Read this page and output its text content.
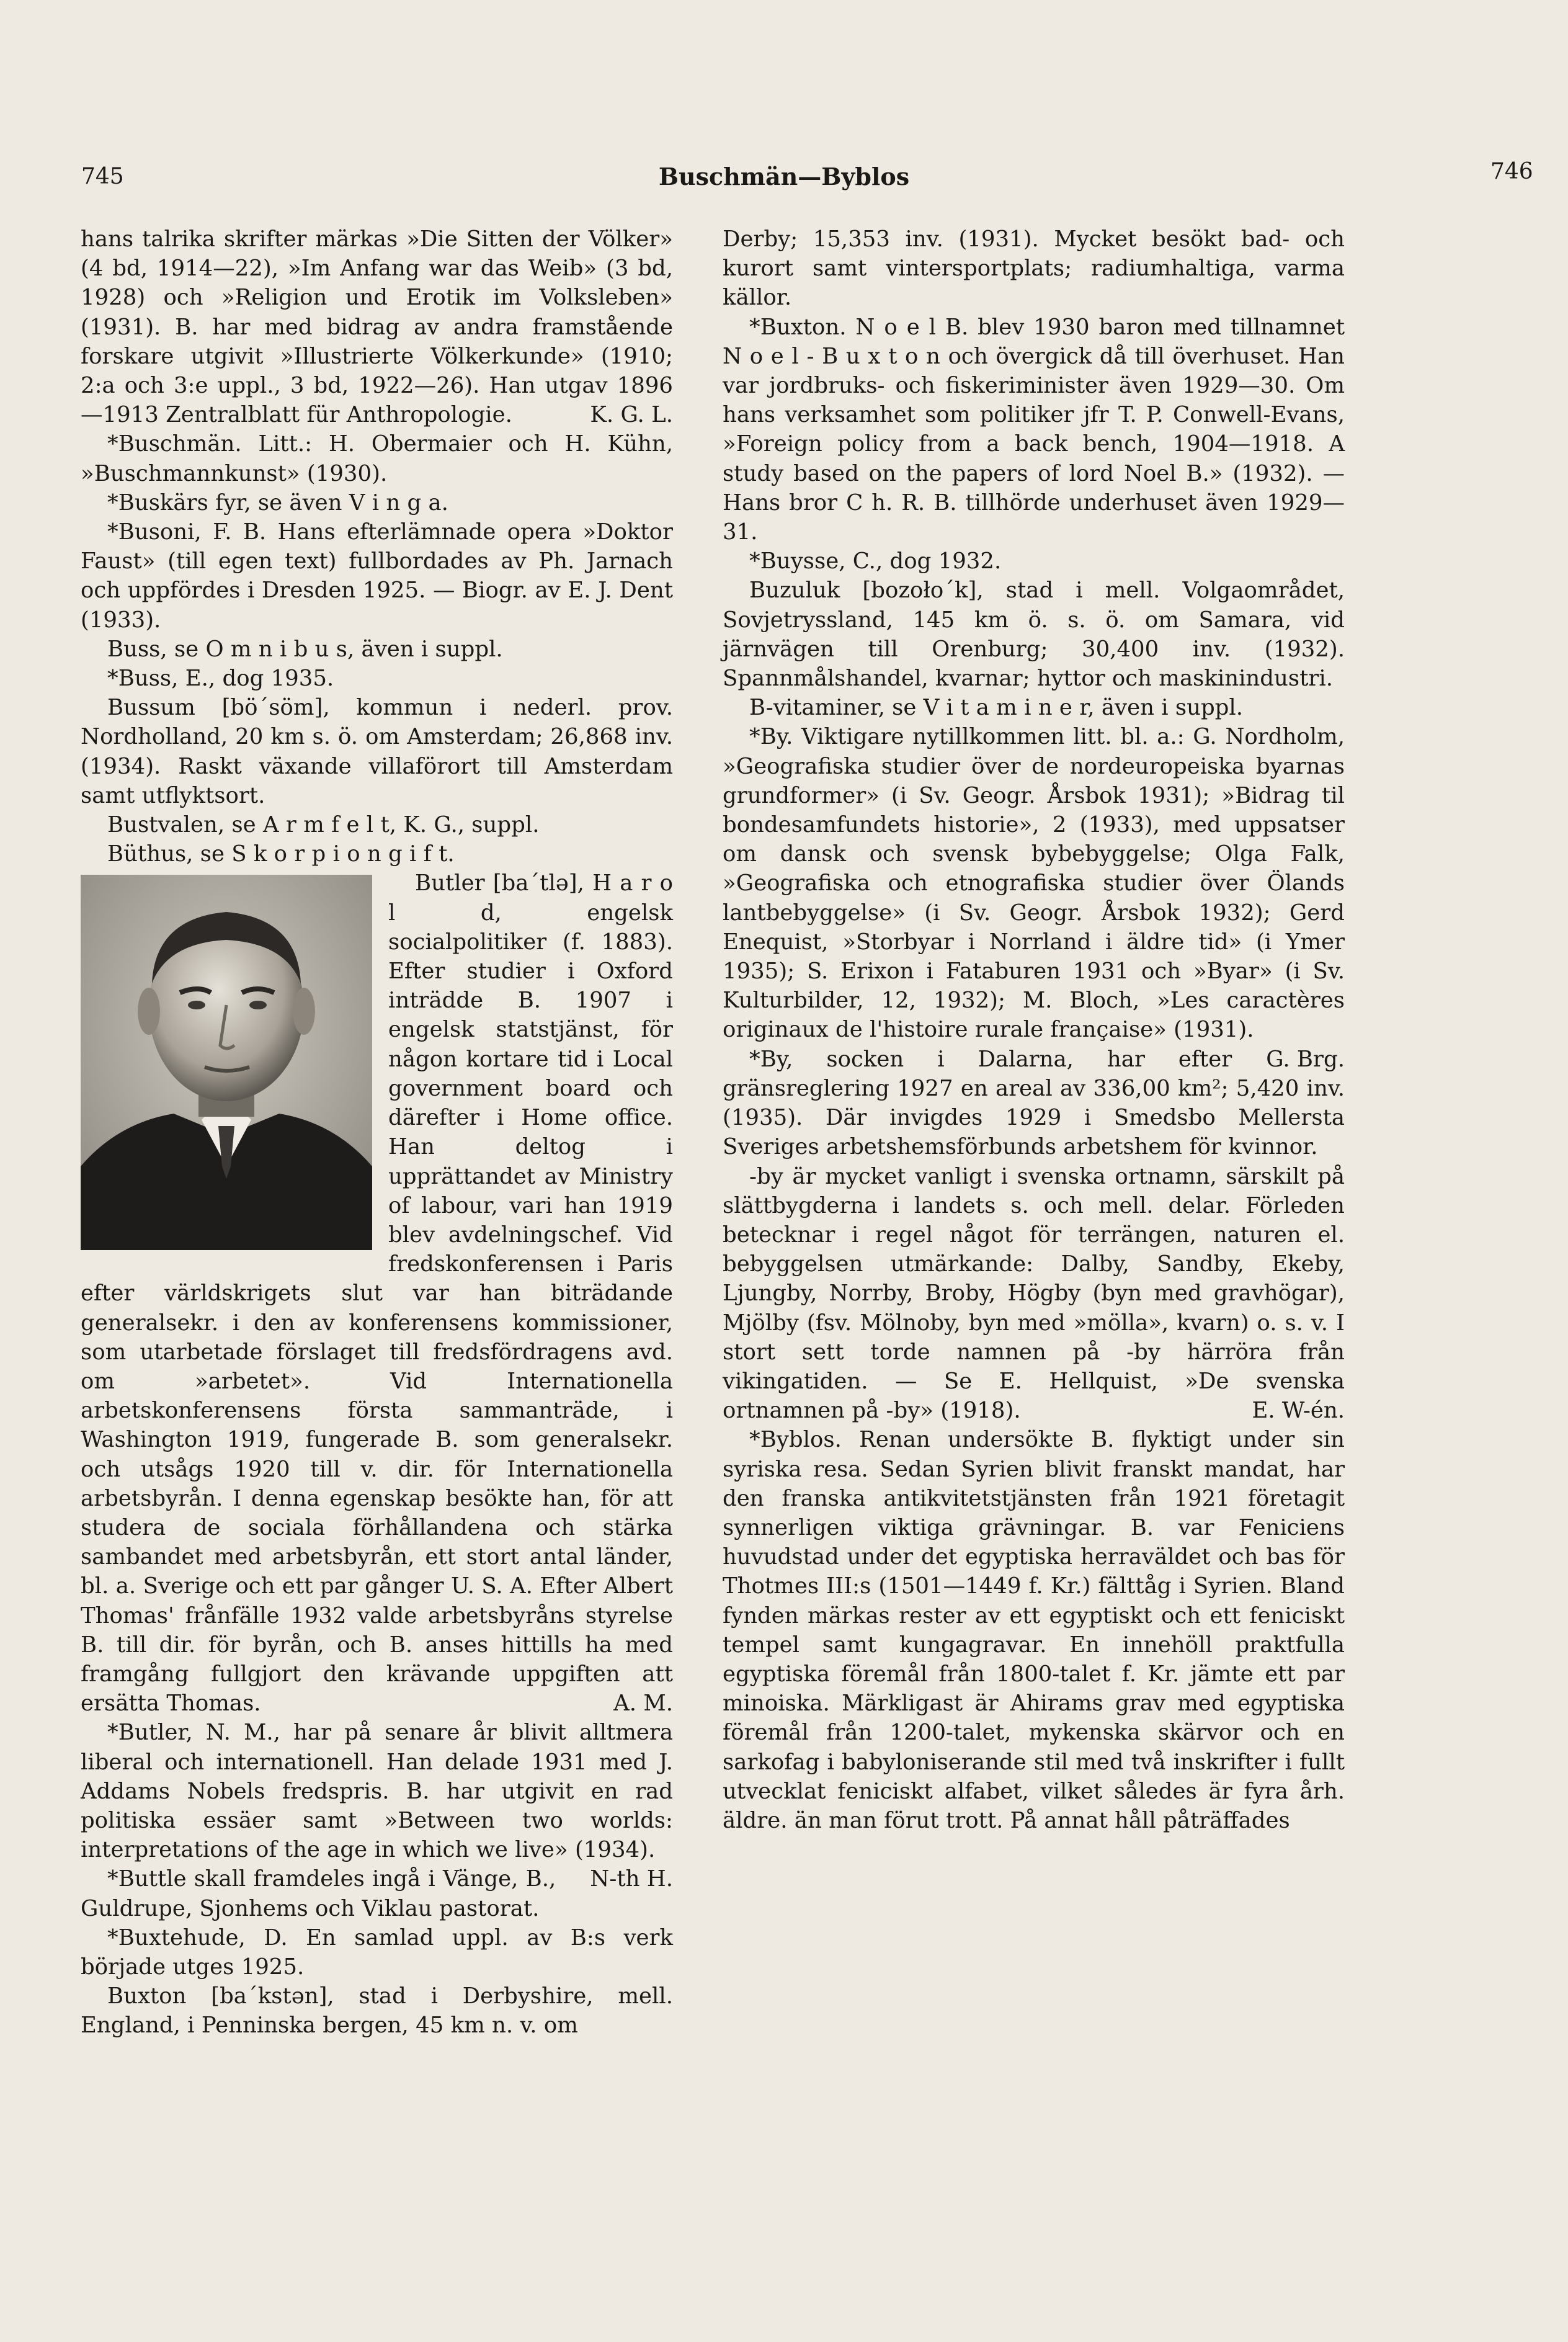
745	Buschmän—Byblos	746

hans talrika skrifter märkas »Die Sitten der Völker» (4 bd, 1914—22), »Im Anfang war das Weib» (3 bd, 1928) och »Religion und Erotik im Volksleben» (1931). B. har med bidrag av andra framstående forskare utgivit »Illustrierte Völkerkunde» (1910; 2:a och 3:e uppl., 3 bd, 1922—26). Han utgav 1896—1913 Zentralblatt für Anthropologie.	K. G. L.

*Buschmän. Litt.: H. Obermaier och H. Kühn, »Buschmannkunst» (1930).

*Buskärs fyr, se även V i n g a.

*Busoni, F. B. Hans efterlämnade opera »Doktor Faust» (till egen text) fullbordades av Ph. Jarnach och uppfördes i Dresden 1925. — Biogr. av E. J. Dent (1933).

Buss, se O m n i b u s, även i suppl.

*Buss, E., dog 1935.

Bussum [bö´söm], kommun i nederl. prov. Nordholland, 20 km s. ö. om Amsterdam; 26,868 inv. (1934). Raskt växande villaförort till Amsterdam samt utflyktsort.

Bustvalen, se A r m f e l t, K. G., suppl.

Büthus, se S k o r p i o n g i f t.

Butler [ba´tlə], H a r o l d, engelsk socialpolitiker (f. 1883). Efter studier i Oxford inträdde B. 1907 i engelsk statstjänst, för någon kortare tid i Local government board och därefter i Home office. Han deltog i upprättandet av Ministry of labour, vari han 1919 blev avdelningschef. Vid fredskonferensen i Paris efter världskrigets slut var han biträdande generalsekr. i den av konferensens kommissioner, som utarbetade förslaget till fredsfördragens avd. om »arbetet». Vid Internationella arbetskonferensens första sammanträde, i Washington 1919, fungerade B. som generalsekr. och utsågs 1920 till v. dir. för Internationella arbetsbyrån. I denna egenskap besökte han, för att studera de sociala förhållandena och stärka sambandet med arbetsbyrån, ett stort antal länder, bl. a. Sverige och ett par gånger U. S. A. Efter Albert Thomas' frånfälle 1932 valde arbetsbyråns styrelse B. till dir. för byrån, och B. anses hittills ha med framgång fullgjort den krävande uppgiften att ersätta Thomas.	A. M.

*Butler, N. M., har på senare år blivit alltmera liberal och internationell. Han delade 1931 med J. Addams Nobels fredspris. B. har utgivit en rad politiska essäer samt »Between two worlds: interpretations of the age in which we live» (1934).
N-th H.

*Buttle skall framdeles ingå i Vänge, B., Guldrupe, Sjonhems och Viklau pastorat.

*Buxtehude, D. En samlad uppl. av B:s verk började utges 1925.

Buxton [ba´kstən], stad i Derbyshire, mell. England, i Penninska bergen, 45 km n. v. om

Derby; 15,353 inv. (1931). Mycket besökt bad- och kurort samt vintersportplats; radiumhaltiga, varma källor.

*Buxton. N o e l B. blev 1930 baron med tillnamnet N o e l - B u x t o n och övergick då till överhuset. Han var jordbruks- och fiskeriminister även 1929—30. Om hans verksamhet som politiker jfr T. P. Conwell-Evans, »Foreign policy from a back bench, 1904—1918. A study based on the papers of lord Noel B.» (1932). — Hans bror C h. R. B. tillhörde underhuset även 1929—31.

*Buysse, C., dog 1932.

Buzuluk [bozoło´k], stad i mell. Volgaområdet, Sovjetryssland, 145 km ö. s. ö. om Samara, vid järnvägen till Orenburg; 30,400 inv. (1932). Spannmålshandel, kvarnar; hyttor och maskinindustri.

B-vitaminer, se V i t a m i n e r, även i suppl.

*By. Viktigare nytillkommen litt. bl. a.: G. Nordholm, »Geografiska studier över de nordeuropeiska byarnas grundformer» (i Sv. Geogr. Årsbok 1931); »Bidrag til bondesamfundets historie», 2 (1933), med uppsatser om dansk och svensk bybebyggelse; Olga Falk, »Geografiska och etnografiska studier över Ölands lantbebyggelse» (i Sv. Geogr. Årsbok 1932); Gerd Enequist, »Storbyar i Norrland i äldre tid» (i Ymer 1935); S. Erixon i Fataburen 1931 och »Byar» (i Sv. Kulturbilder, 12, 1932); M. Bloch, »Les caractères originaux de l'histoire rurale française» (1931).
G. Brg.

*By, socken i Dalarna, har efter gränsreglering 1927 en areal av 336,00 km²; 5,420 inv. (1935). Där invigdes 1929 i Smedsbo Mellersta Sveriges arbetshemsförbunds arbetshem för kvinnor.

-by är mycket vanligt i svenska ortnamn, särskilt på slättbygderna i landets s. och mell. delar. Förleden betecknar i regel något för terrängen, naturen el. bebyggelsen utmärkande: Dalby, Sandby, Ekeby, Ljungby, Norrby, Broby, Högby (byn med gravhögar), Mjölby (fsv. Mölnoby, byn med »mölla», kvarn) o. s. v. I stort sett torde namnen på -by härröra från vikingatiden. — Se E. Hellquist, »De svenska ortnamnen på -by» (1918).	E. W-én.

*Byblos. Renan undersökte B. flyktigt under sin syriska resa. Sedan Syrien blivit franskt mandat, har den franska antikvitetstjänsten från 1921 företagit synnerligen viktiga grävningar. B. var Feniciens huvudstad under det egyptiska herraväldet och bas för Thotmes III:s (1501—1449 f. Kr.) fälttåg i Syrien. Bland fynden märkas rester av ett egyptiskt och ett feniciskt tempel samt kungagravar. En innehöll praktfulla egyptiska föremål från 1800-talet f. Kr. jämte ett par minoiska. Märkligast är Ahirams grav med egyptiska föremål från 1200-talet, mykenska skärvor och en sarkofag i babyloniserande stil med två inskrifter i fullt utvecklat feniciskt alfabet, vilket således är fyra årh. äldre. än man förut trott. På annat håll påträffades
